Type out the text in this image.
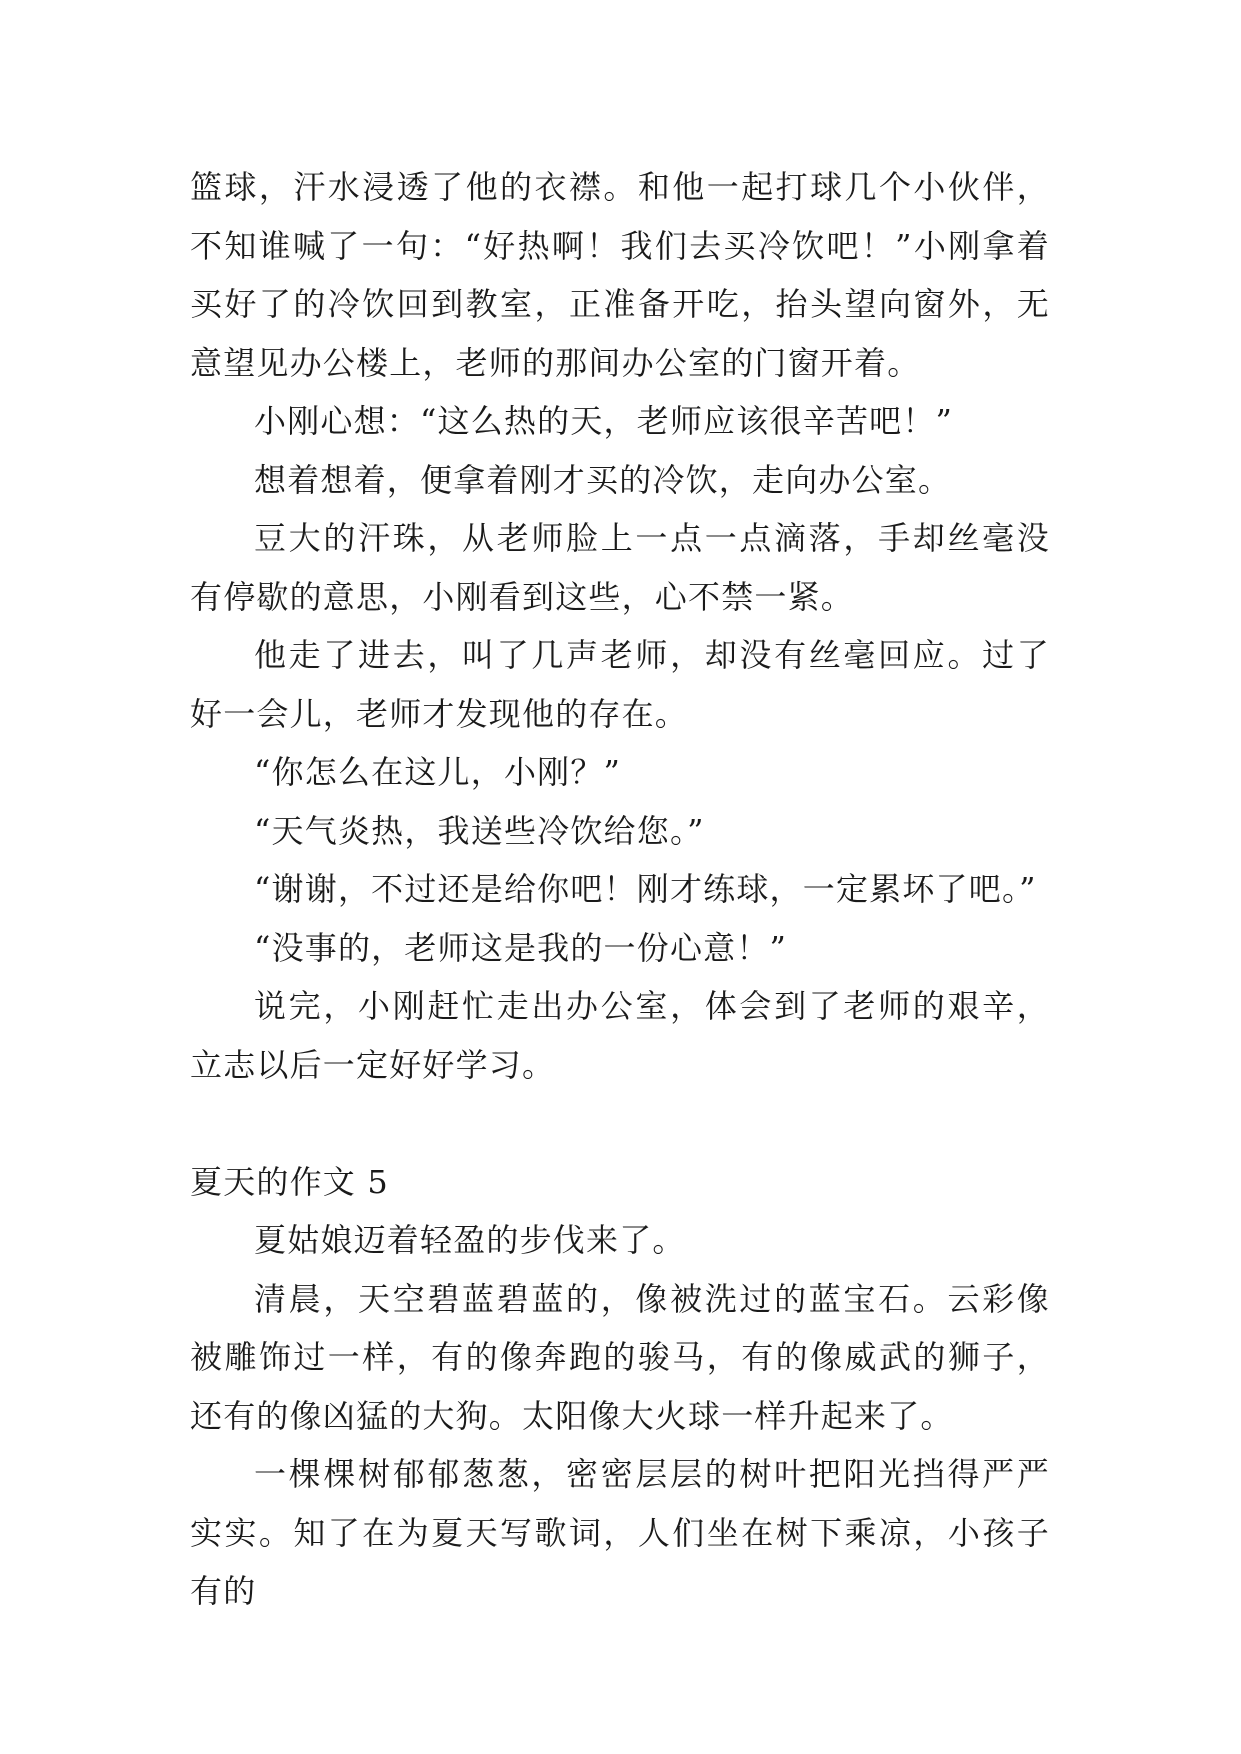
篮球，汗水浸透了他的衣襟。和他一起打球几个小伙伴，不知谁喊了一句：“好热啊！我们去买冷饮吧！”小刚拿着买好了的冷饮回到教室，正准备开吃，抬头望向窗外，无意望见办公楼上，老师的那间办公室的门窗开着。

小刚心想：“这么热的天，老师应该很辛苦吧！”

想着想着，便拿着刚才买的冷饮，走向办公室。

豆大的汗珠，从老师脸上一点一点滴落，手却丝毫没有停歇的意思，小刚看到这些，心不禁一紧。

他走了进去，叫了几声老师，却没有丝毫回应。过了好一会儿，老师才发现他的存在。

“你怎么在这儿，小刚？”

“天气炎热，我送些冷饮给您。”

“谢谢，不过还是给你吧！刚才练球，一定累坏了吧。”

“没事的，老师这是我的一份心意！”

说完，小刚赶忙走出办公室，体会到了老师的艰辛，立志以后一定好好学习。

夏天的作文 5

夏姑娘迈着轻盈的步伐来了。

清晨，天空碧蓝碧蓝的，像被洗过的蓝宝石。云彩像被雕饰过一样，有的像奔跑的骏马，有的像威武的狮子，还有的像凶猛的大狗。太阳像大火球一样升起来了。

一棵棵树郁郁葱葱，密密层层的树叶把阳光挡得严严实实。知了在为夏天写歌词，人们坐在树下乘凉，小孩子有的
